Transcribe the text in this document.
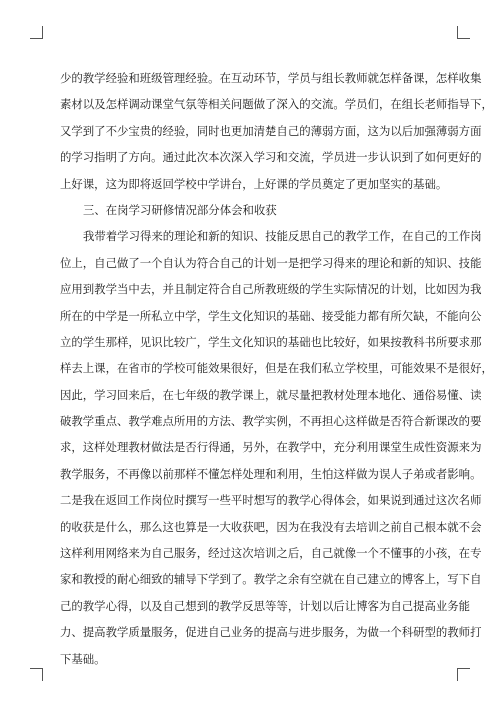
少的教学经验和班级管理经验。在互动环节，学员与组长教师就怎样备课，怎样收集
素材以及怎样调动课堂气氛等相关问题做了深入的交流。学员们，在组长老师指导下，
又学到了不少宝贵的经验，同时也更加清楚自己的薄弱方面，这为以后加强薄弱方面
的学习指明了方向。通过此次本次深入学习和交流，学员进一步认识到了如何更好的
上好课，这为即将返回学校中学讲台，上好课的学员奠定了更加坚实的基础。
三、在岗学习研修情况部分体会和收获
我带着学习得来的理论和新的知识、技能反思自己的教学工作，在自己的工作岗
位上，自己做了一个自认为符合自己的计划一是把学习得来的理论和新的知识、技能
应用到教学当中去，并且制定符合自己所教班级的学生实际情况的计划，比如因为我
所在的中学是一所私立中学，学生文化知识的基础、接受能力都有所欠缺，不能向公
立的学生那样，见识比较广，学生文化知识的基础也比较好，如果按教科书所要求那
样去上课，在省市的学校可能效果很好，但是在我们私立学校里，可能效果不是很好，
因此，学习回来后，在七年级的教学课上，就尽量把教材处理本地化、通俗易懂、读
破教学重点、教学难点所用的方法、教学实例，不再担心这样做是否符合新课改的要
求，这样处理教材做法是否行得通，另外，在教学中，充分利用课堂生成性资源来为
教学服务，不再像以前那样不懂怎样处理和利用，生怕这样做为误人子弟或者影响。
二是我在返回工作岗位时撰写一些平时想写的教学心得体会，如果说到通过这次名师
的收获是什么，那么这也算是一大收获吧，因为在我没有去培训之前自己根本就不会
这样利用网络来为自己服务，经过这次培训之后，自己就像一个不懂事的小孩，在专
家和教授的耐心细致的辅导下学到了。教学之余有空就在自己建立的博客上，写下自
己的教学心得，以及自己想到的教学反思等等，计划以后让博客为自己提高业务能
力、提高教学质量服务，促进自己业务的提高与进步服务，为做一个科研型的教师打
下基础。
